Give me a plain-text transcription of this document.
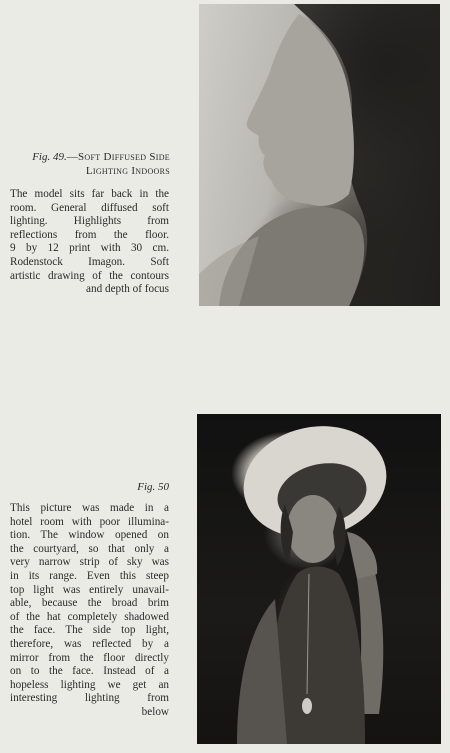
Fig. 49.—Soft Diffused Side
Lighting Indoors
The model sits far back in the
room. General diffused soft
lighting. Highlights from
reflections from the floor.
9 by 12 print with 30 cm.
Rodenstock Imagon. Soft
artistic drawing of the contours
and depth of focus
Fig. 50
This picture was made in a
hotel room with poor illumina-
tion. The window opened on
the courtyard, so that only a
very narrow strip of sky was
in its range. Even this steep
top light was entirely unavail-
able, because the broad brim
of the hat completely shadowed
the face. The side top light,
therefore, was reflected by a
mirror from the floor directly
on to the face. Instead of a
hopeless lighting we get an
interesting lighting from
below
